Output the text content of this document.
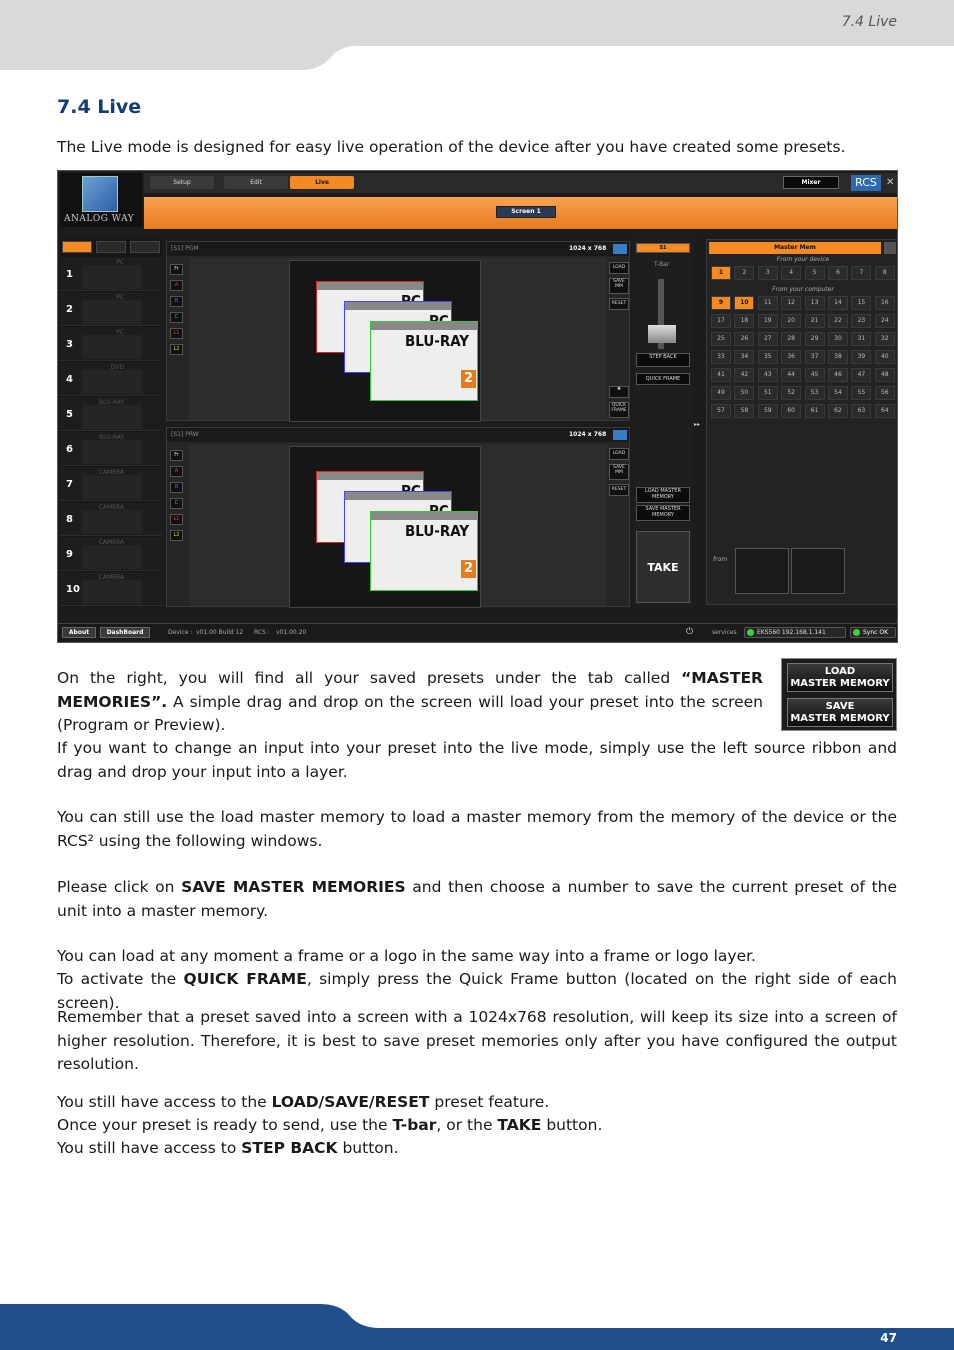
7.4 Live
7.4 Live

The Live mode is designed for easy live operation of the device after you have created some presets.

ANALOG WAY
Setup	Edit	Live	Mixer	RCS ✕
Screen 1
PC
1
PC
2
PC
3
DVD
4
BLU-RAY
5
BLU-RAY
6
CAMERA
7
CAMERA
8
CAMERA
9
CAMERA
10
[S1] PGM	1024 x 768
Fr
A
B
C
L1
L2	BLU-RAY
2
LOAD
SAVE MM
RESET
✱
QUICK FRAME
[S1] PRW	1024 x 768
Fr
A
B
C
L1
L2	BLU-RAY
2
LOAD
SAVE MM
RESET
S1
T-Bar
STEP BACK
QUICK FRAME
LOAD MASTER MEMORY
SAVE MASTER MEMORY
TAKE
▸▸
Master Mem
From your device
1	2	3	4	5	6	7	8
From your computer
9	10	11	12	13	14	15	16
17	18	19	20	21	22	23	24
25	26	27	28	29	30	31	32
33	34	35	36	37	38	39	40
41	42	43	44	45	46	47	48
49	50	51	52	53	54	55	56
57	58	59	60	61	62	63	64
from
About	DashBoard	Device : v01.00 Build 12 RCS : v01.00.20	⏻	services	EKS560 192.168.1.141	Sync OK
LOAD
MASTER MEMORY
SAVE
MASTER MEMORY

On the right, you will find all your saved presets under the tab called “MASTER MEMORIES”. A simple drag and drop on the screen will load your preset into the screen (Program or Preview).

If you want to change an input into your preset into the live mode, simply use the left source ribbon and drag and drop your input into a layer.

You can still use the load master memory to load a master memory from the memory of the device or the RCS² using the following windows.

Please click on SAVE MASTER MEMORIES and then choose a number to save the current preset of the unit into a master memory.

You can load at any moment a frame or a logo in the same way into a frame or logo layer.

To activate the QUICK FRAME, simply press the Quick Frame button (located on the right side of each screen).

Remember that a preset saved into a screen with a 1024x768 resolution, will keep its size into a screen of higher resolution. Therefore, it is best to save preset memories only after you have configured the output resolution.

You still have access to the LOAD/SAVE/RESET preset feature.

Once your preset is ready to send, use the T-bar, or the TAKE button.

You still have access to STEP BACK button.

47
